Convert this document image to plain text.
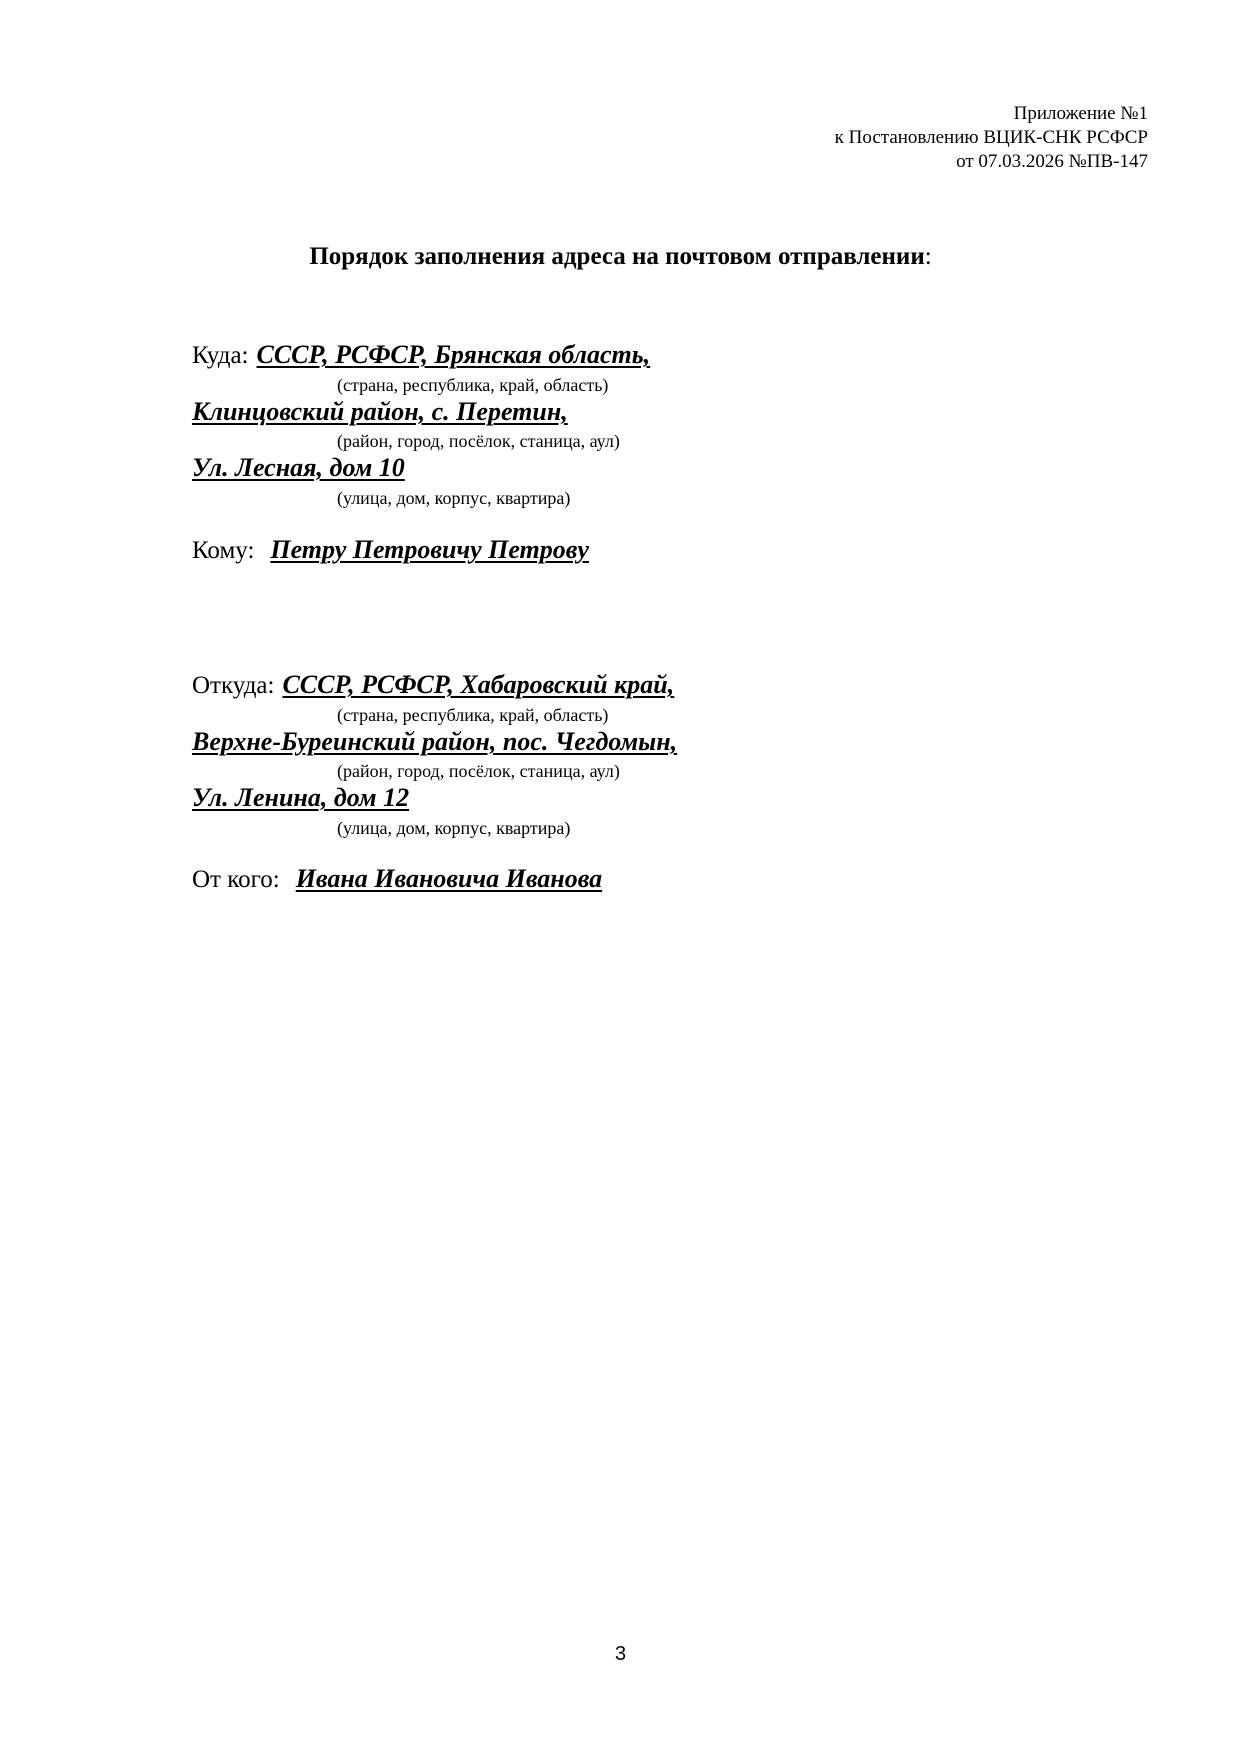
Приложение №1
к Постановлению ВЦИК-СНК РСФСР
от 07.03.2026 №ПВ-147
Порядок заполнения адреса на почтовом отправлении:
Куда: СССР, РСФСР, Брянская область,
(страна, республика, край, область)
Клинцовский район, с. Перетин,
(район, город, посёлок, станица, аул)
Ул. Лесная, дом 10
(улица, дом, корпус, квартира)
Кому: Петру Петровичу Петрову
Откуда: СССР, РСФСР, Хабаровский край,
(страна, республика, край, область)
Верхне-Буреинский район, пос. Чегдомын,
(район, город, посёлок, станица, аул)
Ул. Ленина, дом 12
(улица, дом, корпус, квартира)
От кого: Ивана Ивановича Иванова
3
